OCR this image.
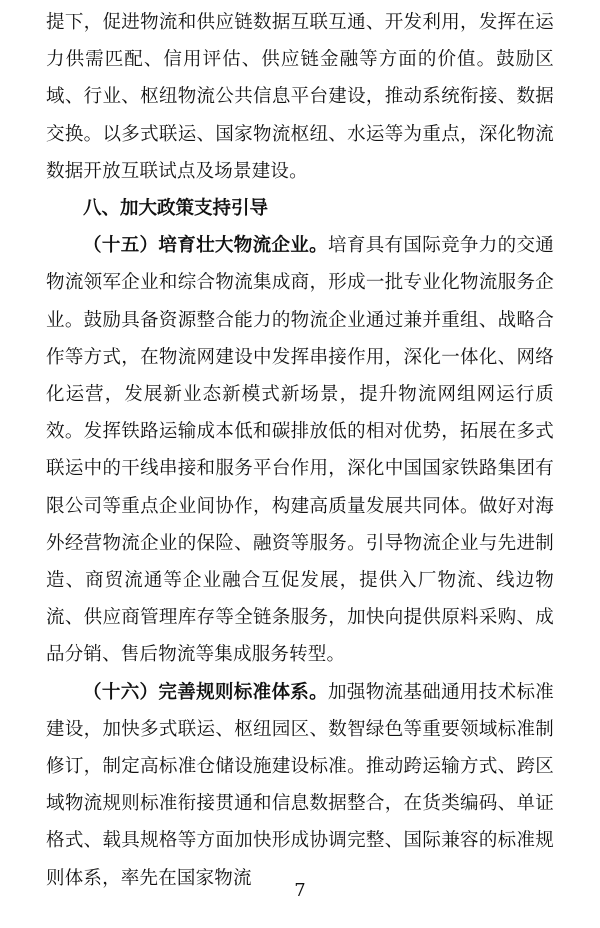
提下，促进物流和供应链数据互联互通、开发利用，发挥在运力供需匹配、信用评估、供应链金融等方面的价值。鼓励区域、行业、枢纽物流公共信息平台建设，推动系统衔接、数据交换。以多式联运、国家物流枢纽、水运等为重点，深化物流数据开放互联试点及场景建设。

八、加大政策支持引导

（十五）培育壮大物流企业。培育具有国际竞争力的交通物流领军企业和综合物流集成商，形成一批专业化物流服务企业。鼓励具备资源整合能力的物流企业通过兼并重组、战略合作等方式，在物流网建设中发挥串接作用，深化一体化、网络化运营，发展新业态新模式新场景，提升物流网组网运行质效。发挥铁路运输成本低和碳排放低的相对优势，拓展在多式联运中的干线串接和服务平台作用，深化中国国家铁路集团有限公司等重点企业间协作，构建高质量发展共同体。做好对海外经营物流企业的保险、融资等服务。引导物流企业与先进制造、商贸流通等企业融合互促发展，提供入厂物流、线边物流、供应商管理库存等全链条服务，加快向提供原料采购、成品分销、售后物流等集成服务转型。

（十六）完善规则标准体系。加强物流基础通用技术标准建设，加快多式联运、枢纽园区、数智绿色等重要领域标准制修订，制定高标准仓储设施建设标准。推动跨运输方式、跨区域物流规则标准衔接贯通和信息数据整合，在货类编码、单证格式、载具规格等方面加快形成协调完整、国际兼容的标准规则体系，率先在国家物流

7
